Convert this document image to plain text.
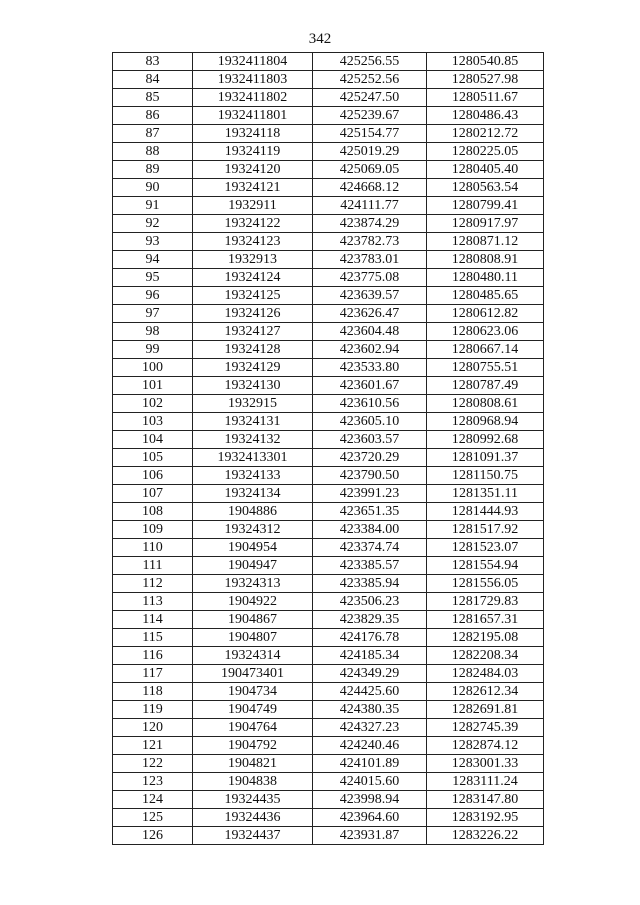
342
83	1932411804	425256.55	1280540.85
84	1932411803	425252.56	1280527.98
85	1932411802	425247.50	1280511.67
86	1932411801	425239.67	1280486.43
87	19324118	425154.77	1280212.72
88	19324119	425019.29	1280225.05
89	19324120	425069.05	1280405.40
90	19324121	424668.12	1280563.54
91	1932911	424111.77	1280799.41
92	19324122	423874.29	1280917.97
93	19324123	423782.73	1280871.12
94	1932913	423783.01	1280808.91
95	19324124	423775.08	1280480.11
96	19324125	423639.57	1280485.65
97	19324126	423626.47	1280612.82
98	19324127	423604.48	1280623.06
99	19324128	423602.94	1280667.14
100	19324129	423533.80	1280755.51
101	19324130	423601.67	1280787.49
102	1932915	423610.56	1280808.61
103	19324131	423605.10	1280968.94
104	19324132	423603.57	1280992.68
105	1932413301	423720.29	1281091.37
106	19324133	423790.50	1281150.75
107	19324134	423991.23	1281351.11
108	1904886	423651.35	1281444.93
109	19324312	423384.00	1281517.92
110	1904954	423374.74	1281523.07
111	1904947	423385.57	1281554.94
112	19324313	423385.94	1281556.05
113	1904922	423506.23	1281729.83
114	1904867	423829.35	1281657.31
115	1904807	424176.78	1282195.08
116	19324314	424185.34	1282208.34
117	190473401	424349.29	1282484.03
118	1904734	424425.60	1282612.34
119	1904749	424380.35	1282691.81
120	1904764	424327.23	1282745.39
121	1904792	424240.46	1282874.12
122	1904821	424101.89	1283001.33
123	1904838	424015.60	1283111.24
124	19324435	423998.94	1283147.80
125	19324436	423964.60	1283192.95
126	19324437	423931.87	1283226.22
